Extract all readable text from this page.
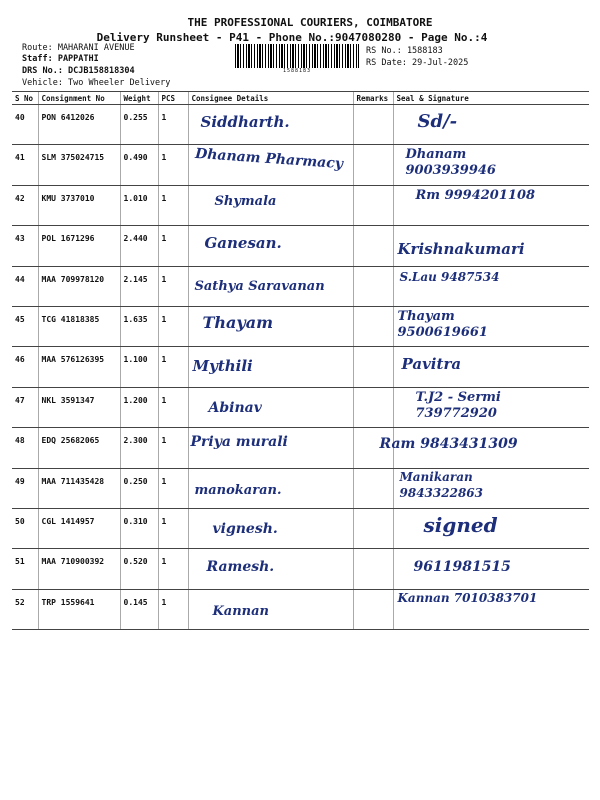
THE PROFESSIONAL COURIERS, COIMBATORE
Delivery Runsheet - P41 - Phone No.:9047080280 - Page No.:4
Route: MAHARANI AVENUE
Staff: PAPPATHI
DRS No.: DCJB158818304
Vehicle: Two Wheeler Delivery
1588183
RS No.: 1588183
RS Date: 29-Jul-2025
S No	Consignment No	Weight	PCS	Consignee Details	Remarks	Seal & Signature
40	PON 6412026	0.255	1	Siddharth.		Sd/-

41	SLM 375024715	0.490	1	Dhanam Pharmacy		Dhanam 9003939946

42	KMU 3737010	1.010	1	Shymala		Rm 9994201108

43	POL 1671296	2.440	1	Ganesan.		Krishnakumari

44	MAA 709978120	2.145	1	Sathya Saravanan		S.Lau 9487534

45	TCG 41818385	1.635	1	Thayam		Thayam 9500619661

46	MAA 576126395	1.100	1	Mythili		Pavitra

47	NKL 3591347	1.200	1	Abinav		T.J2 - Sermi 739772920

48	EDQ 25682065	2.300	1	Priya murali		Ram 9843431309

49	MAA 711435428	0.250	1	manokaran.		Manikaran 9843322863

50	CGL 1414957	0.310	1	vignesh.		signed

51	MAA 710900392	0.520	1	Ramesh.		9611981515

52	TRP 1559641	0.145	1	Kannan		Kannan 7010383701
